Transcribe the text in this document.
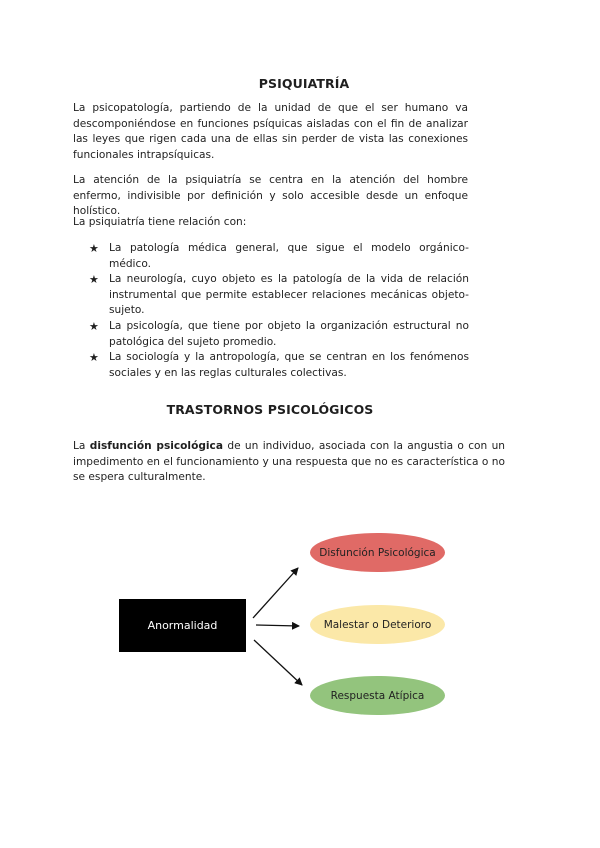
PSIQUIATRÍA

La psicopatología, partiendo de la unidad de que el ser humano va descomponiéndose en funciones psíquicas aisladas con el fin de analizar las leyes que rigen cada una de ellas sin perder de vista las conexiones funcionales intrapsíquicas.

La atención de la psiquiatría se centra en la atención del hombre enfermo, indivisible por definición y solo accesible desde un enfoque holístico.

La psiquiatría tiene relación con:

★ La patología médica general, que sigue el modelo orgánico-médico.
★ La neurología, cuyo objeto es la patología de la vida de relación instrumental que permite establecer relaciones mecánicas objeto-sujeto.
★ La psicología, que tiene por objeto la organización estructural no patológica del sujeto promedio.
★ La sociología y la antropología, que se centran en los fenómenos sociales y en las reglas culturales colectivas.
TRASTORNOS PSICOLÓGICOS

La disfunción psicológica de un individuo, asociada con la angustia o con un impedimento en el funcionamiento y una respuesta que no es característica o no se espera culturalmente.

Anormalidad
Disfunción Psicológica
Malestar o Deterioro
Respuesta Atípica
